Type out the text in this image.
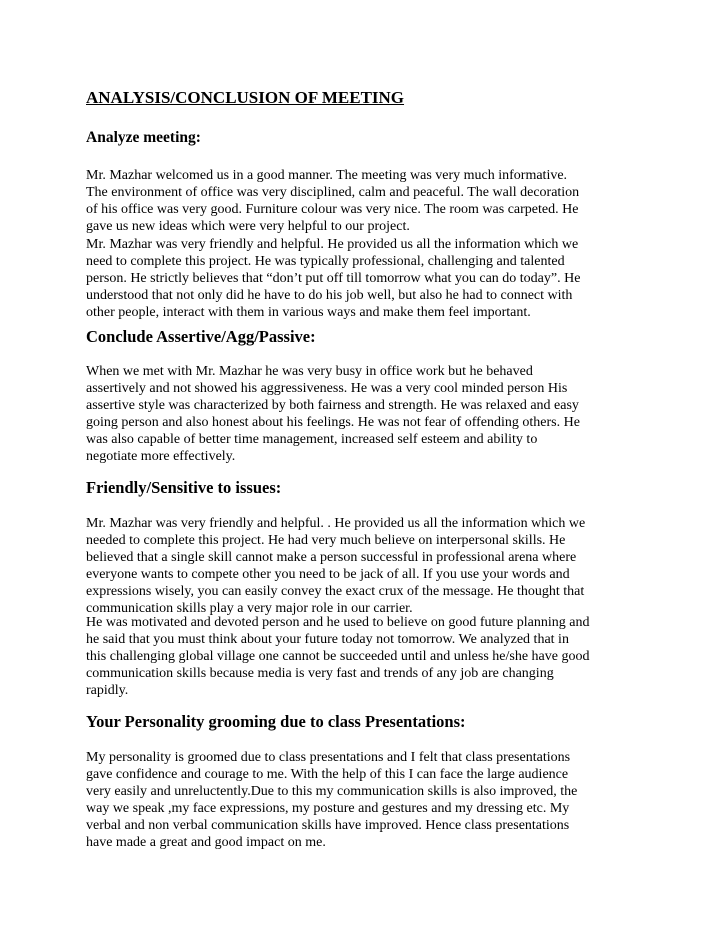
ANALYSIS/CONCLUSION OF MEETING
Analyze meeting:

Mr. Mazhar welcomed us in a good manner. The meeting was very much informative.

The environment of office was very disciplined, calm and peaceful. The wall decoration

of his office was very good. Furniture colour was very nice. The room was carpeted. He

gave us new ideas which were very helpful to our project.

Mr. Mazhar was very friendly and helpful. He provided us all the information which we

need to complete this project. He was typically professional, challenging and talented

person. He strictly believes that “don’t put off till tomorrow what you can do today”. He

understood that not only did he have to do his job well, but also he had to connect with

other people, interact with them in various ways and make them feel important.

Conclude Assertive/Agg/Passive:

When we met with Mr. Mazhar he was very busy in office work but he behaved

assertively and not showed his aggressiveness. He was a very cool minded person His

assertive style was characterized by both fairness and strength. He was relaxed and easy

going person and also honest about his feelings. He was not fear of offending others. He

was also capable of better time management, increased self esteem and ability to

negotiate more effectively.

Friendly/Sensitive to issues:

Mr. Mazhar was very friendly and helpful. . He provided us all the information which we

needed to complete this project. He had very much believe on interpersonal skills. He

believed that a single skill cannot make a person successful in professional arena where

everyone wants to compete other you need to be jack of all. If you use your words and

expressions wisely, you can easily convey the exact crux of the message. He thought that

communication skills play a very major role in our carrier.

He was motivated and devoted person and he used to believe on good future planning and

he said that you must think about your future today not tomorrow. We analyzed that in

this challenging global village one cannot be succeeded until and unless he/she have good

communication skills because media is very fast and trends of any job are changing

rapidly.

Your Personality grooming due to class Presentations:

My personality is groomed due to class presentations and I felt that class presentations

gave confidence and courage to me. With the help of this I can face the large audience

very easily and unreluctently.Due to this my communication skills is also improved, the

way we speak ,my face expressions, my posture and gestures and my dressing etc. My

verbal and non verbal communication skills have improved. Hence class presentations

have made a great and good impact on me.
